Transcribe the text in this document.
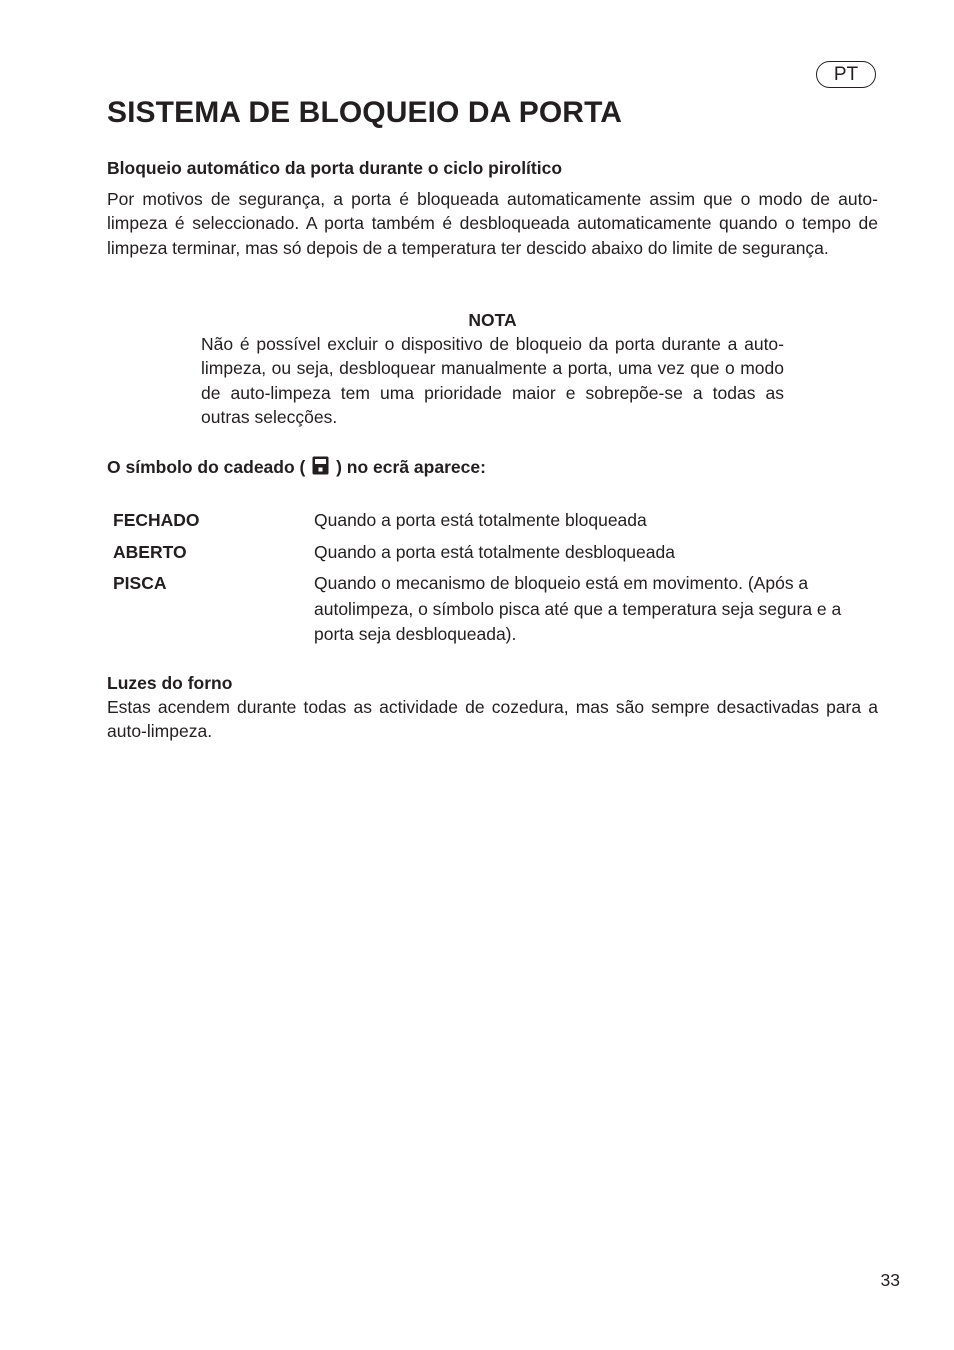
PT
SISTEMA DE BLOQUEIO DA PORTA
Bloqueio automático da porta durante o ciclo pirolítico

Por motivos de segurança, a porta é bloqueada automaticamente assim que o modo de auto-limpeza é seleccionado. A porta também é desbloqueada automaticamente quando o tempo de limpeza terminar, mas só depois de a temperatura ter descido abaixo do limite de segurança.

NOTA

Não é possível excluir o dispositivo de bloqueio da porta durante a auto-limpeza, ou seja, desbloquear manualmente a porta, uma vez que o modo de auto-limpeza tem uma prioridade maior e sobrepõe-se a todas as outras selecções.

O símbolo do cadeado ( ) no ecrã aparece:
FECHADO	Quando a porta está totalmente bloqueada
ABERTO	Quando a porta está totalmente desbloqueada
PISCA	Quando o mecanismo de bloqueio está em movimento. (Após a autolimpeza, o símbolo pisca até que a temperatura seja segura e a porta seja desbloqueada).
Luzes do forno

Estas acendem durante todas as actividade de cozedura, mas são sempre desactivadas para a auto-limpeza.

33
